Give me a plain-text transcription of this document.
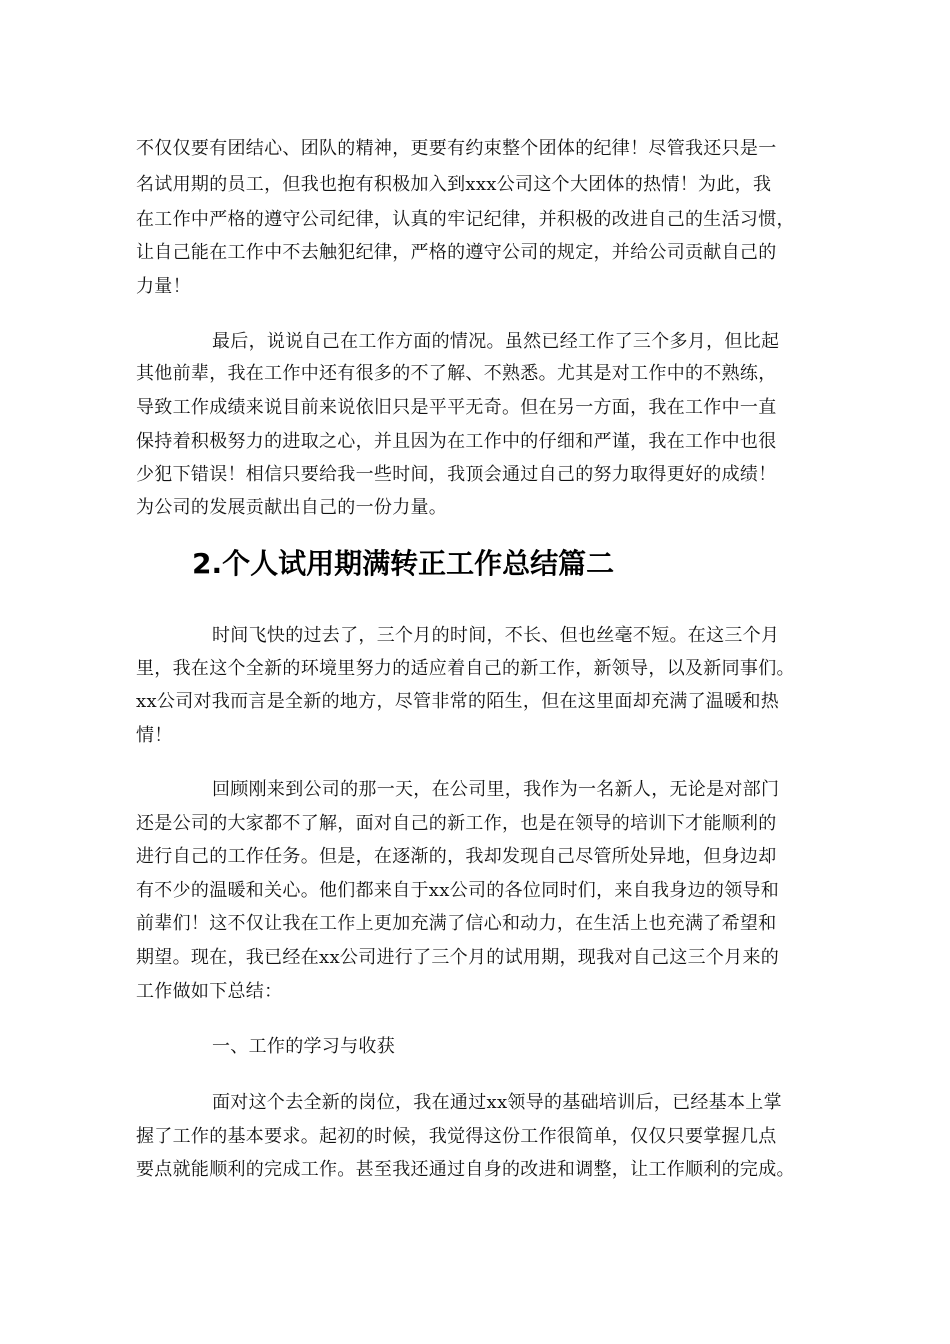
不仅仅要有团结心、团队的精神，更要有约束整个团体的纪律！尽管我还只是一
名试用期的员工，但我也抱有积极加入到xxx公司这个大团体的热情！为此，我
在工作中严格的遵守公司纪律，认真的牢记纪律，并积极的改进自己的生活习惯，
让自己能在工作中不去触犯纪律，严格的遵守公司的规定，并给公司贡献自己的
力量！
最后，说说自己在工作方面的情况。虽然已经工作了三个多月，但比起
其他前辈，我在工作中还有很多的不了解、不熟悉。尤其是对工作中的不熟练，
导致工作成绩来说目前来说依旧只是平平无奇。但在另一方面，我在工作中一直
保持着积极努力的进取之心，并且因为在工作中的仔细和严谨，我在工作中也很
少犯下错误！相信只要给我一些时间，我顶会通过自己的努力取得更好的成绩！
为公司的发展贡献出自己的一份力量。
2.个人试用期满转正工作总结篇二
时间飞快的过去了，三个月的时间，不长、但也丝毫不短。在这三个月
里，我在这个全新的环境里努力的适应着自己的新工作，新领导，以及新同事们。
xx公司对我而言是全新的地方，尽管非常的陌生，但在这里面却充满了温暖和热
情！
回顾刚来到公司的那一天，在公司里，我作为一名新人，无论是对部门
还是公司的大家都不了解，面对自己的新工作，也是在领导的培训下才能顺利的
进行自己的工作任务。但是，在逐渐的，我却发现自己尽管所处异地，但身边却
有不少的温暖和关心。他们都来自于xx公司的各位同时们，来自我身边的领导和
前辈们！这不仅让我在工作上更加充满了信心和动力，在生活上也充满了希望和
期望。现在，我已经在xx公司进行了三个月的试用期，现我对自己这三个月来的
工作做如下总结：
一、工作的学习与收获
面对这个去全新的岗位，我在通过xx领导的基础培训后，已经基本上掌
握了工作的基本要求。起初的时候，我觉得这份工作很简单，仅仅只要掌握几点
要点就能顺利的完成工作。甚至我还通过自身的改进和调整，让工作顺利的完成。
